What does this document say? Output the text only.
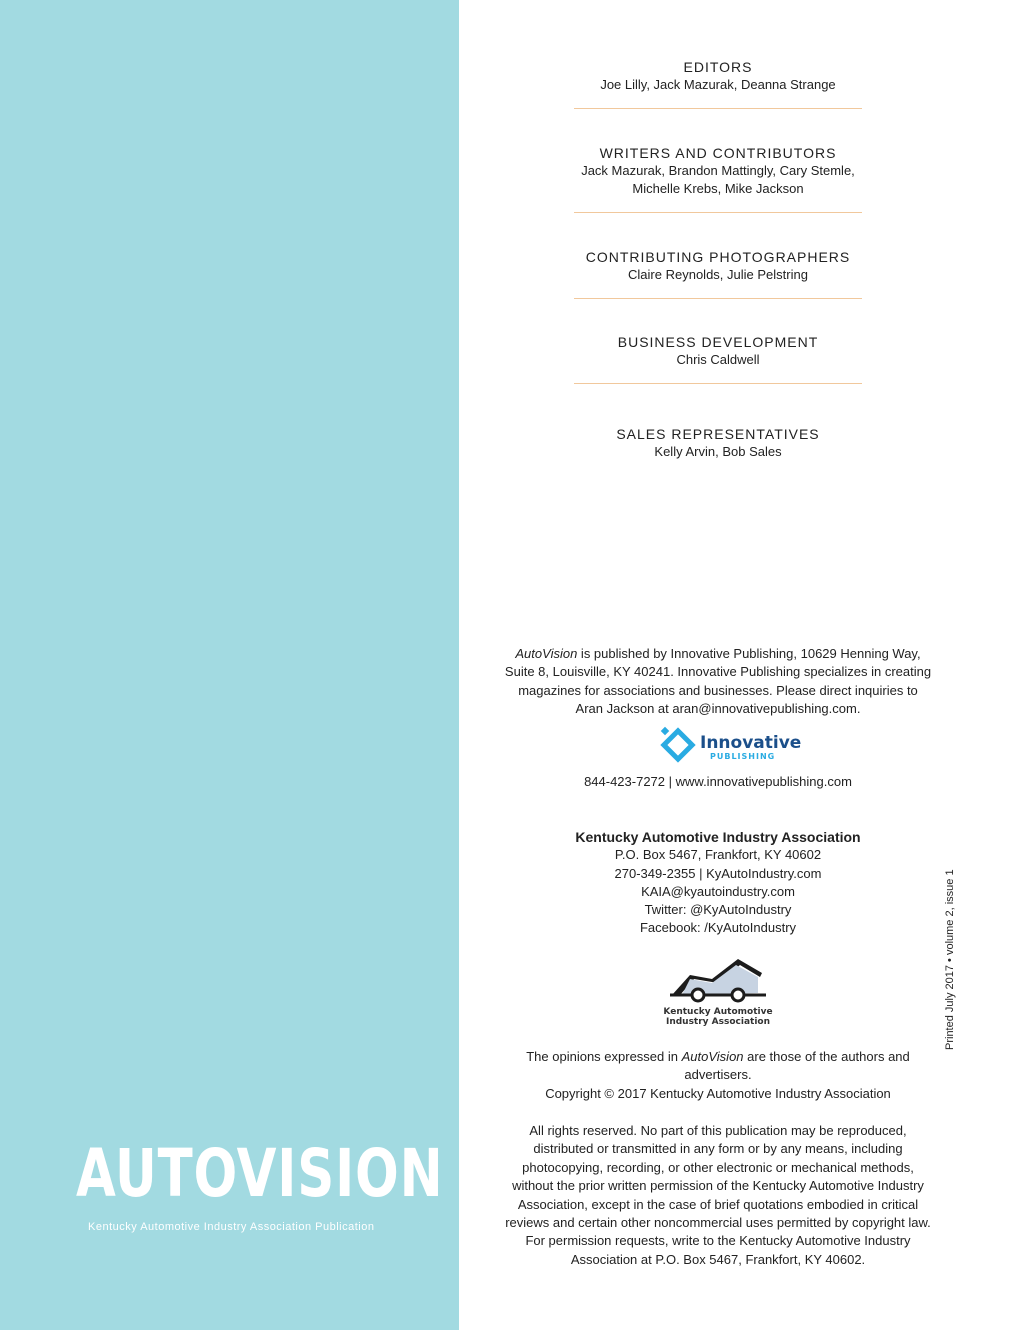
AUTOVISION
Kentucky Automotive Industry Association Publication
EDITORS
Joe Lilly, Jack Mazurak, Deanna Strange
WRITERS AND CONTRIBUTORS
Jack Mazurak, Brandon Mattingly, Cary Stemle,
Michelle Krebs, Mike Jackson
CONTRIBUTING PHOTOGRAPHERS
Claire Reynolds, Julie Pelstring
BUSINESS DEVELOPMENT
Chris Caldwell
SALES REPRESENTATIVES
Kelly Arvin, Bob Sales
AutoVision is published by Innovative Publishing, 10629 Henning Way, Suite 8, Louisville, KY 40241. Innovative Publishing specializes in creating magazines for associations and businesses. Please direct inquiries to Aran Jackson at aran@innovativepublishing.com.
Innovative
PUBLISHING
844-423-7272 | www.innovativepublishing.com
Kentucky Automotive Industry Association
P.O. Box 5467, Frankfort, KY 40602
270-349-2355 | KyAutoIndustry.com
KAIA@kyautoindustry.com
Twitter: @KyAutoIndustry
Facebook: /KyAutoIndustry
Kentucky Automotive
Industry Association
The opinions expressed in AutoVision are those of the authors and advertisers.
Copyright © 2017 Kentucky Automotive Industry Association
All rights reserved. No part of this publication may be reproduced, distributed or transmitted in any form or by any means, including photocopying, recording, or other electronic or mechanical methods, without the prior written permission of the Kentucky Automotive Industry Association, except in the case of brief quotations embodied in critical reviews and certain other noncommercial uses permitted by copyright law. For permission requests, write to the Kentucky Automotive Industry Association at P.O. Box 5467, Frankfort, KY 40602.
Printed July 2017 • volume 2, issue 1
